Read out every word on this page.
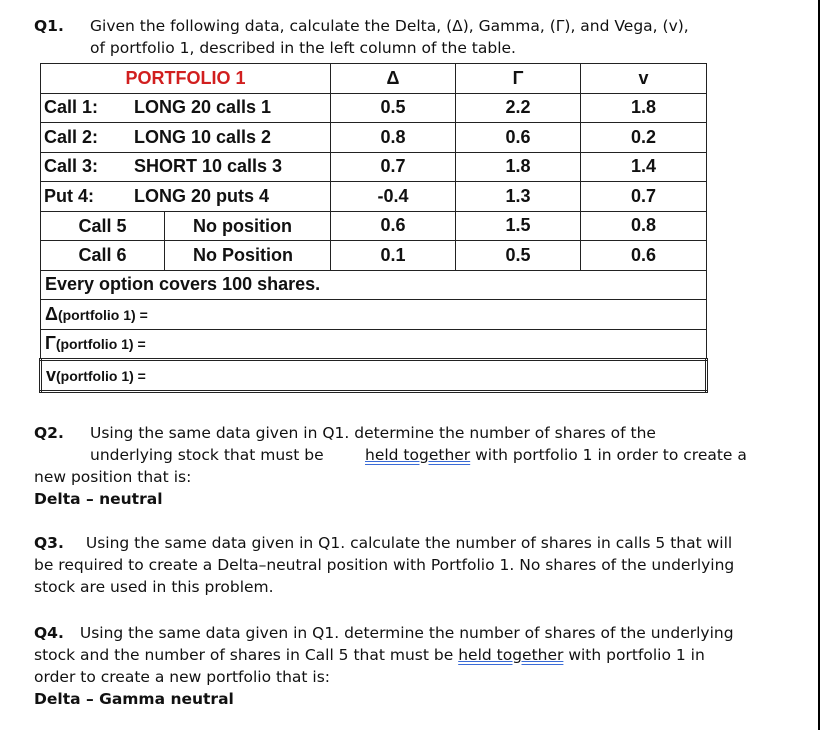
Q1. Given the following data, calculate the Delta, (Δ), Gamma, (Γ), and Vega, (v),
of portfolio 1, described in the left column of the table.
PORTFOLIO 1	Δ	Γ	v

Call 1: LONG 20 calls 1	0.5	2.2	1.8

Call 2: LONG 10 calls 2	0.8	0.6	0.2

Call 3: SHORT 10 calls 3	0.7	1.8	1.4

Put 4: LONG 20 puts 4	-0.4	1.3	0.7

Call 5 No position	0.6	1.5	0.8

Call 6 No Position	0.1	0.5	0.6
Every option covers 100 shares.			
Δ(portfolio 1) =			
Γ(portfolio 1) =			
v(portfolio 1) =			
Q2. Using the same data given in Q1. determine the number of shares of the
underlying stock that must be	held together with portfolio 1 in order to create a
new position that is:
Delta – neutral
Q3. Using the same data given in Q1. calculate the number of shares in calls 5 that will
be required to create a Delta–neutral position with Portfolio 1. No shares of the underlying
stock are used in this problem.
Q4. Using the same data given in Q1. determine the number of shares of the underlying
stock and the number of shares in Call 5 that must be held together with portfolio 1 in
order to create a new portfolio that is:
Delta – Gamma neutral
